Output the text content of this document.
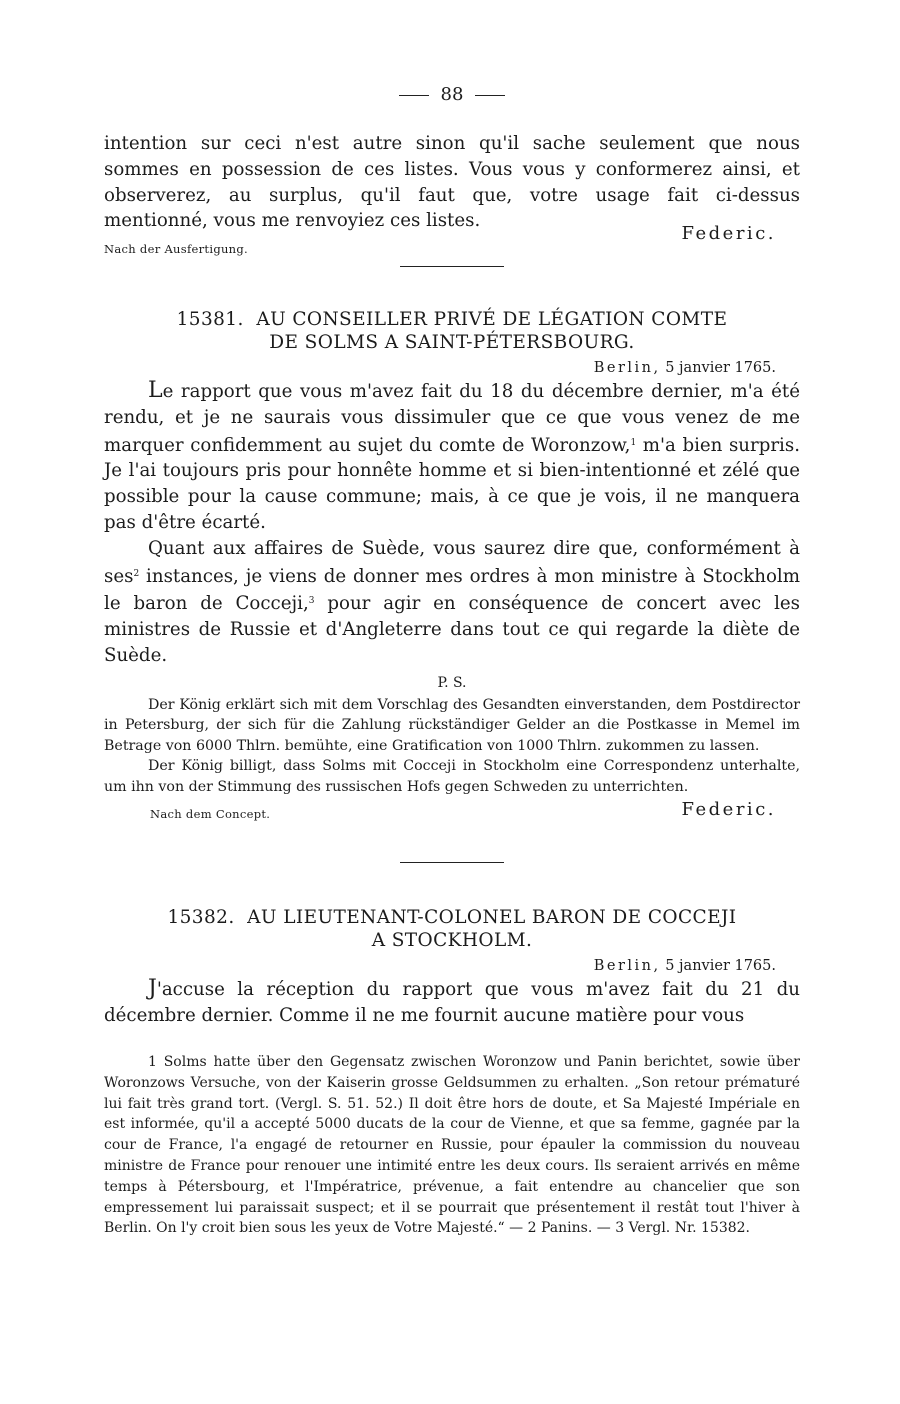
88

intention sur ceci n'est autre sinon qu'il sache seulement que nous sommes en possession de ces listes. Vous vous y conformerez ainsi, et observerez, au surplus, qu'il faut que, votre usage fait ci-dessus mentionné, vous me renvoyiez ces listes.

Nach der Ausfertigung.
Federic.

15381. AU CONSEILLER PRIVÉ DE LÉGATION COMTE
DE SOLMS A SAINT-PÉTERSBOURG.

Berlin, 5 janvier 1765.

Le rapport que vous m'avez fait du 18 du décembre dernier, m'a été rendu, et je ne saurais vous dissimuler que ce que vous venez de me marquer confidemment au sujet du comte de Woronzow,$^1$ m'a bien surpris. Je l'ai toujours pris pour honnête homme et si bien-intentionné et zélé que possible pour la cause commune; mais, à ce que je vois, il ne manquera pas d'être écarté.

Quant aux affaires de Suède, vous saurez dire que, conformément à ses$^2$ instances, je viens de donner mes ordres à mon ministre à Stockholm le baron de Cocceji,$^3$ pour agir en conséquence de concert avec les ministres de Russie et d'Angleterre dans tout ce qui regarde la diète de Suède.

P. S.

Der König erklärt sich mit dem Vorschlag des Gesandten einverstanden, dem Postdirector in Petersburg, der sich für die Zahlung rückständiger Gelder an die Postkasse in Memel im Betrage von 6000 Thlrn. bemühte, eine Gratification von 1000 Thlrn. zukommen zu lassen.

Der König billigt, dass Solms mit Cocceji in Stockholm eine Correspondenz unterhalte, um ihn von der Stimmung des russischen Hofs gegen Schweden zu unterrichten.

Nach dem Concept.	Federic.

15382. AU LIEUTENANT-COLONEL BARON DE COCCEJI
A STOCKHOLM.

Berlin, 5 janvier 1765.

J'accuse la réception du rapport que vous m'avez fait du 21 du décembre dernier. Comme il ne me fournit aucune matière pour vous

1 Solms hatte über den Gegensatz zwischen Woronzow und Panin berichtet, sowie über Woronzows Versuche, von der Kaiserin grosse Geldsummen zu erhalten. „Son retour prématuré lui fait très grand tort. (Vergl. S. 51. 52.) Il doit être hors de doute, et Sa Majesté Impériale en est informée, qu'il a accepté 5000 ducats de la cour de Vienne, et que sa femme, gagnée par la cour de France, l'a engagé de retourner en Russie, pour épauler la commission du nouveau ministre de France pour renouer une intimité entre les deux cours. Ils seraient arrivés en même temps à Pétersbourg, et l'Impératrice, prévenue, a fait entendre au chancelier que son empressement lui paraissait suspect; et il se pourrait que présentement il restât tout l'hiver à Berlin. On l'y croit bien sous les yeux de Votre Majesté.“ — 2 Panins. — 3 Vergl. Nr. 15382.
